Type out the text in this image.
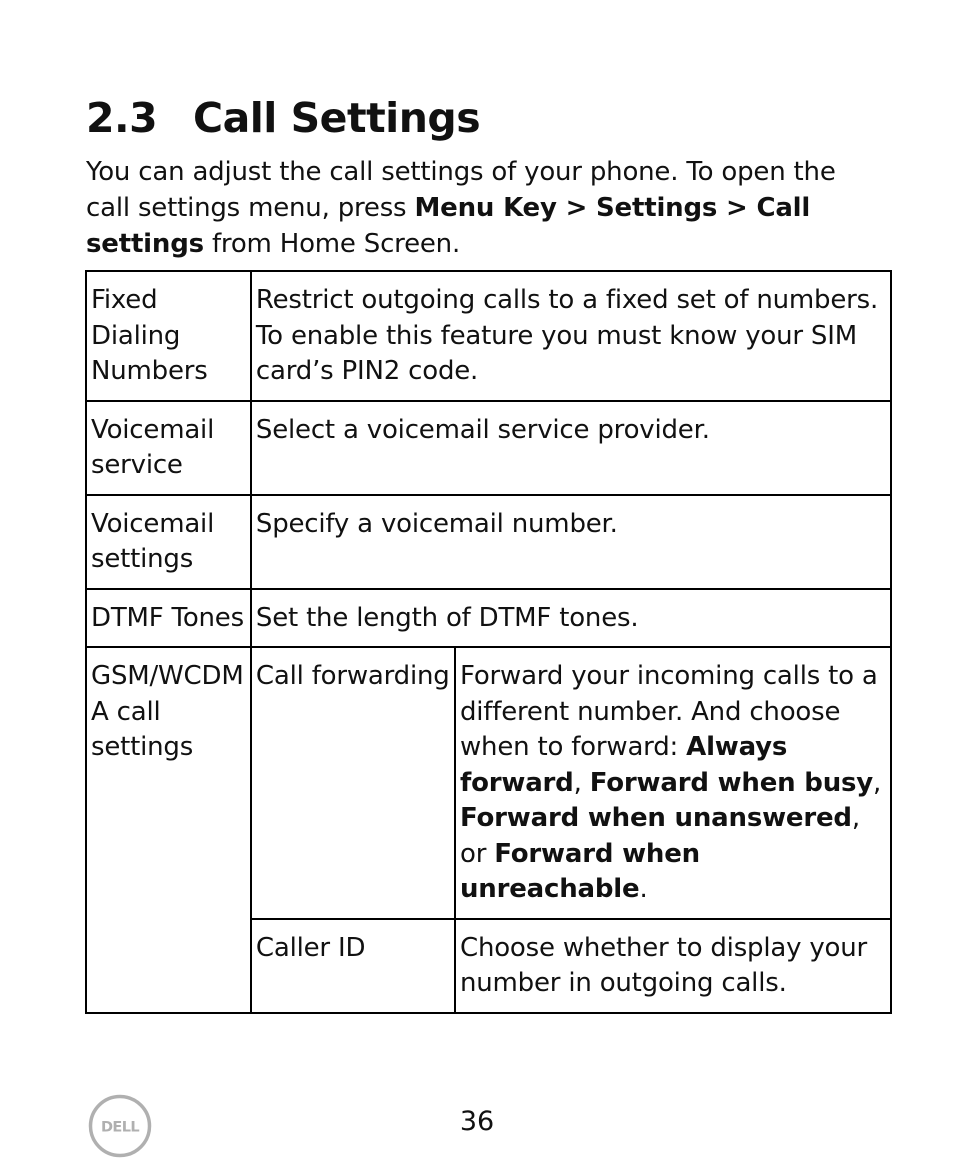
2.3 Call Settings

You can adjust the call settings of your phone. To open the call settings menu, press Menu Key > Settings > Call settings from Home Screen.

Fixed Dialing Numbers	Restrict outgoing calls to a fixed set of numbers. To enable this feature you must know your SIM card’s PIN2 code.	
Voicemail service	Select a voicemail service provider.	
Voicemail settings	Specify a voicemail number.	
DTMF Tones	Set the length of DTMF tones.	
GSM/WCDMA call settings	Call forwarding	Forward your incoming calls to a different number. And choose when to forward: Always forward, Forward when busy, Forward when unanswered, or Forward when unreachable.
	Caller ID	Choose whether to display your number in outgoing calls.
DELL	36
